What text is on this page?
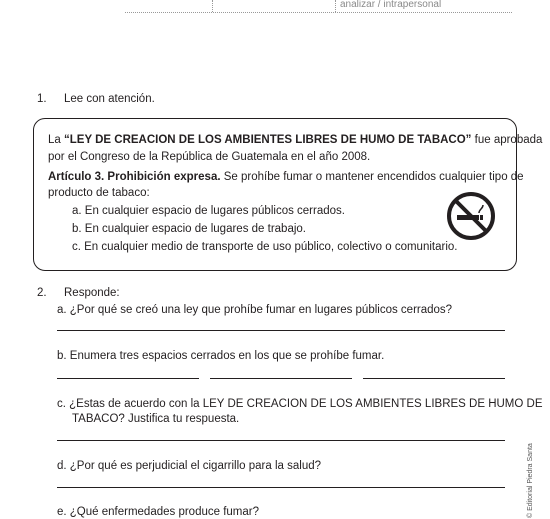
analizar / intrapersonal
1. Lee con atención.
La “LEY DE CREACION DE LOS AMBIENTES LIBRES DE HUMO DE TABACO” fue aprobada
por el Congreso de la República de Guatemala en el año 2008.
Artículo 3. Prohibición expresa. Se prohíbe fumar o mantener encendidos cualquier tipo de
producto de tabaco:
a. En cualquier espacio de lugares públicos cerrados.
b. En cualquier espacio de lugares de trabajo.
c. En cualquier medio de transporte de uso público, colectivo o comunitario.
2. Responde:
a. ¿Por qué se creó una ley que prohíbe fumar en lugares públicos cerrados?
b. Enumera tres espacios cerrados en los que se prohíbe fumar.
c. ¿Estas de acuerdo con la LEY DE CREACION DE LOS AMBIENTES LIBRES DE HUMO DE
TABACO? Justifica tu respuesta.
d. ¿Por qué es perjudicial el cigarrillo para la salud?
e. ¿Qué enfermedades produce fumar?	© Editorial Piedra Santa
